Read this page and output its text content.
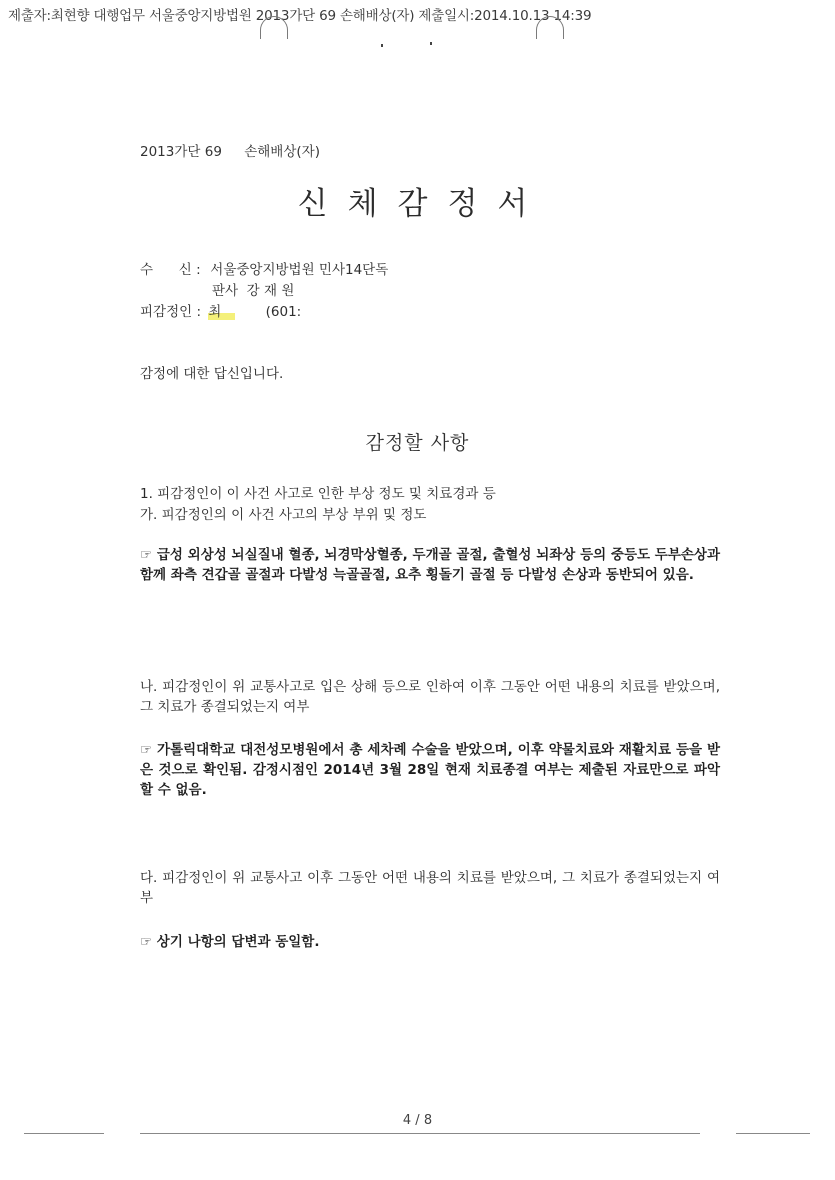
제출자:최현향 대행업무 서울중앙지방법원 2013가단 69 손해배상(자) 제출일시:2014.10.13 14:39
2013가단 69 손해배상(자)
신체감정서
수      신 : 서울중앙지방법원 민사14단독
판사  강 재 원
피감정인 : 최	(601:
감정에 대한 답신입니다.
감정할 사항
1. 피감정인이 이 사건 사고로 인한 부상 정도 및 치료경과 등
가. 피감정인의 이 사건 사고의 부상 부위 및 정도
☞ 급성 외상성 뇌실질내 혈종, 뇌경막상혈종, 두개골 골절, 출혈성 뇌좌상 등의 중등도 두부손상과 함께 좌측 견갑골 골절과 다발성 늑골골절, 요추 횡돌기 골절 등 다발성 손상과 동반되어 있음.
나. 피감정인이 위 교통사고로 입은 상해 등으로 인하여 이후 그동안 어떤 내용의 치료를 받았으며, 그 치료가 종결되었는지 여부
☞ 가톨릭대학교 대전성모병원에서 총 세차례 수술을 받았으며, 이후 약물치료와 재활치료 등을 받은 것으로 확인됨. 감정시점인 2014년 3월 28일 현재 치료종결 여부는 제출된 자료만으로 파악할 수 없음.
다. 피감정인이 위 교통사고 이후 그동안 어떤 내용의 치료를 받았으며, 그 치료가 종결되었는지 여부
☞ 상기 나항의 답변과 동일함.
4 / 8
